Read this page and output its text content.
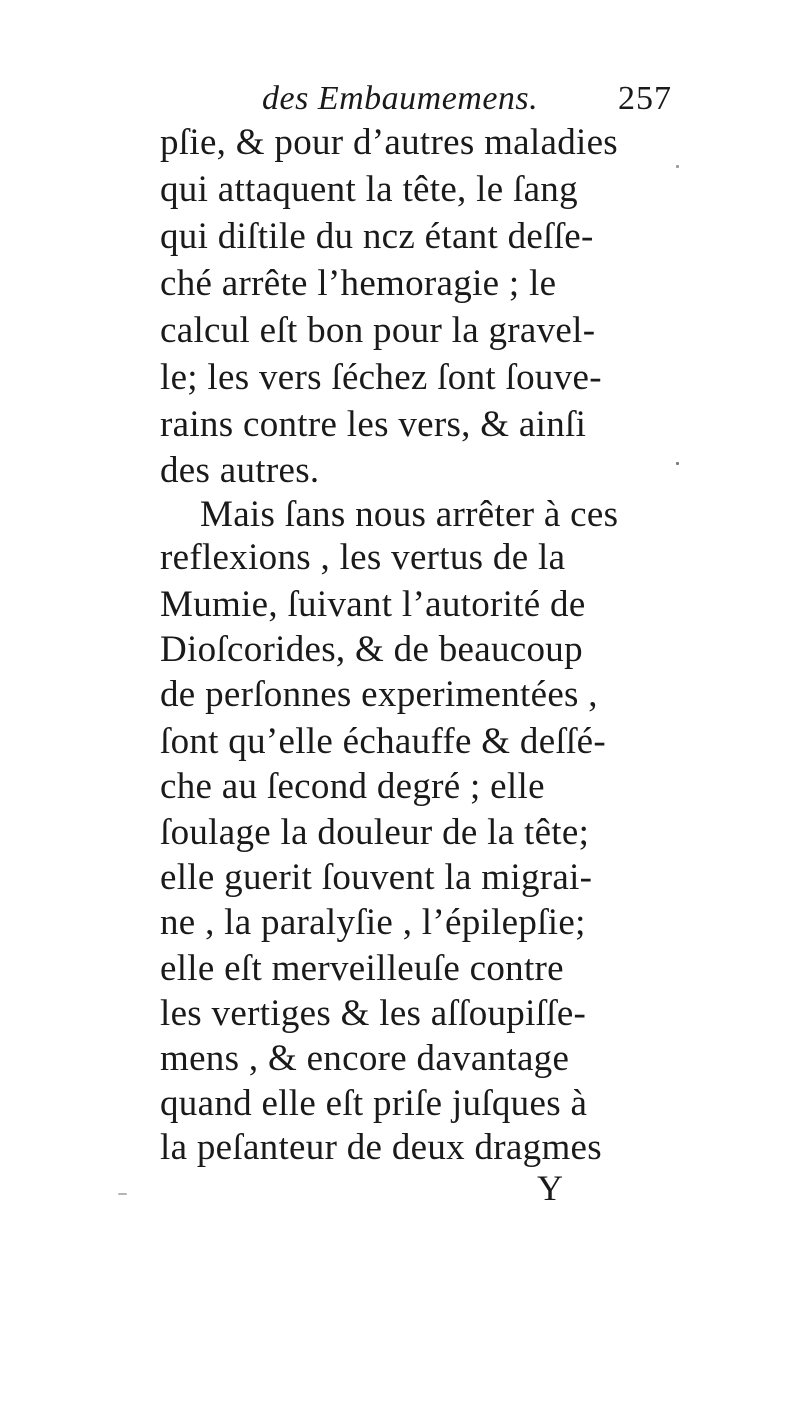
des Embaumemens. 257
pſie, & pour d’autres maladies
qui attaquent la tête, le ſang
qui diſtile du ncz étant deſſe-
ché arrête l’hemoragie ; le
calcul eſt bon pour la gravel-
le; les vers ſéchez ſont ſouve-
rains contre les vers, & ainſi
des autres.
Mais ſans nous arrêter à ces
reflexions , les vertus de la
Mumie, ſuivant l’autorité de
Dioſcorides, & de beaucoup
de perſonnes experimentées ,
ſont qu’elle échauffe & deſſé-
che au ſecond degré ; elle
ſoulage la douleur de la tête;
elle guerit ſouvent la migrai-
ne , la paralyſie , l’épilepſie;
elle eſt merveilleuſe contre
les vertiges & les aſſoupiſſe-
mens , & encore davantage
quand elle eſt priſe juſques à
la peſanteur de deux dragmes
Y
